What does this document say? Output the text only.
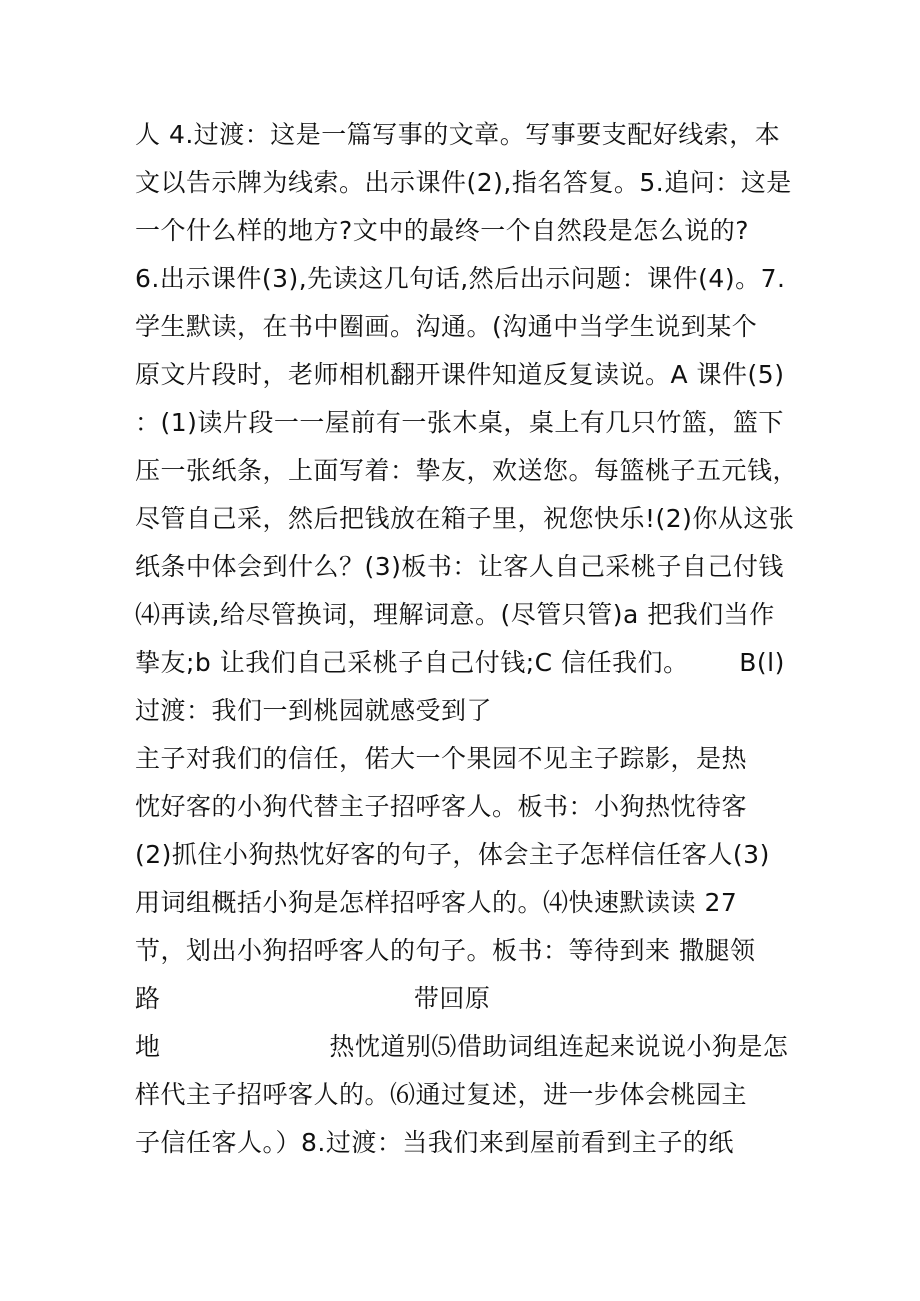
人 4.过渡：这是一篇写事的文章。写事要支配好线索，本
文以告示牌为线索。出示课件(2),指名答复。5.追问：这是
一个什么样的地方?文中的最终一个自然段是怎么说的?
6.出示课件(3),先读这几句话,然后出示问题：课件(4)。7.
学生默读，在书中圈画。沟通。(沟通中当学生说到某个
原文片段时，老师相机翻开课件知道反复读说。A 课件(5)
：(1)读片段一一屋前有一张木桌，桌上有几只竹篮，篮下
压一张纸条，上面写着：挚友，欢送您。每篮桃子五元钱，
尽管自己采，然后把钱放在箱子里，祝您快乐!(2)你从这张
纸条中体会到什么？(3)板书：让客人自己采桃子自己付钱
⑷再读,给尽管换词，理解词意。(尽管只管)a 把我们当作
挚友;b 让我们自己采桃子自己付钱;C 信任我们。      B(l)
过渡：我们一到桃园就感受到了
主子对我们的信任，偌大一个果园不见主子踪影，是热
忱好客的小狗代替主子招呼客人。板书：小狗热忱待客
(2)抓住小狗热忱好客的句子，体会主子怎样信任客人(3)
用词组概括小狗是怎样招呼客人的。⑷快速默读读 27
节，划出小狗招呼客人的句子。板书：等待到来 撒腿领
路                              带回原
地                    热忱道别⑸借助词组连起来说说小狗是怎
样代主子招呼客人的。⑹通过复述，进一步体会桃园主
子信任客人。）8.过渡：当我们来到屋前看到主子的纸
